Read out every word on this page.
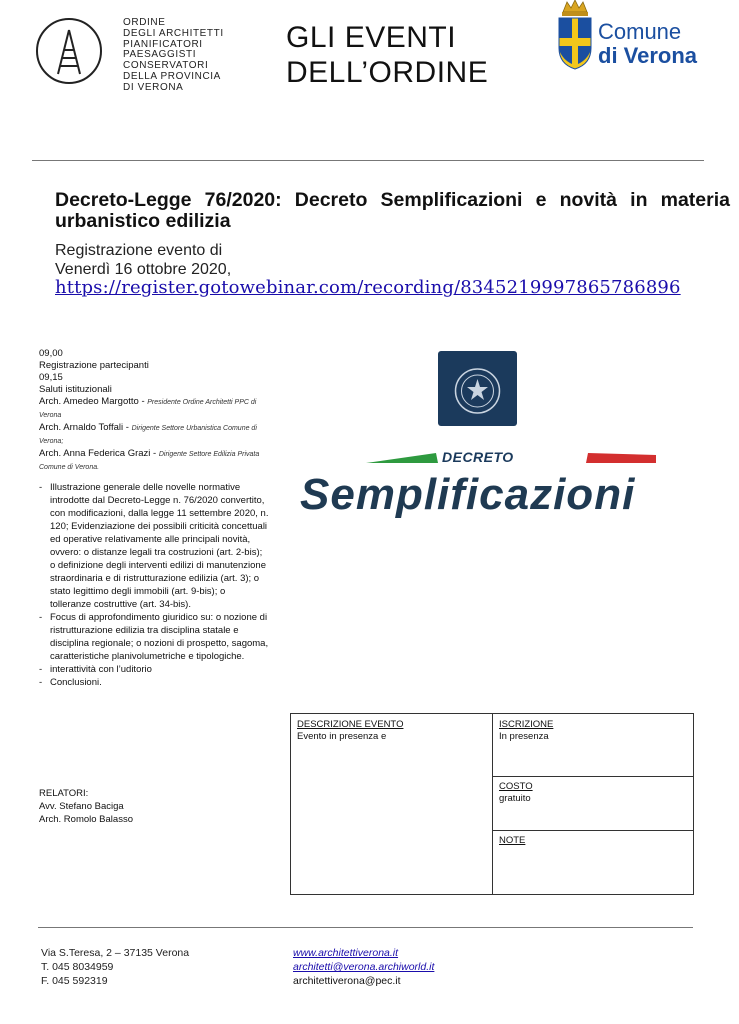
ORDINE
DEGLI ARCHITETTI
PIANIFICATORI
PAESAGGISTI
CONSERVATORI
DELLA PROVINCIA
DI VERONA
GLI EVENTI
DELL’ORDINE
Comune
di Verona
Decreto-Legge 76/2020: Decreto Semplificazioni e novità in materia urbanistico edilizia
Registrazione evento di
Venerdì 16 ottobre 2020,
https://register.gotowebinar.com/recording/8345219997865786896
09,00
Registrazione partecipanti
09,15
Saluti istituzionali
Arch. Amedeo Margotto - Presidente Ordine Architetti PPC di Verona
Arch. Arnaldo Toffali - Dirigente Settore Urbanistica Comune di Verona;
Arch. Anna Federica Grazi - Dirigente Settore Edilizia Privata Comune di Verona.
- Illustrazione generale delle novelle normative introdotte dal Decreto-Legge n. 76/2020 convertito, con modificazioni, dalla legge 11 settembre 2020, n. 120; Evidenziazione dei possibili criticità concettuali ed operative relativamente alle principali novità, ovvero: o distanze legali tra costruzioni (art. 2-bis); o definizione degli interventi edilizi di manutenzione straordinaria e di ristrutturazione edilizia (art. 3); o stato legittimo degli immobili (art. 9-bis); o tolleranze costruttive (art. 34-bis).
- Focus di approfondimento giuridico su: o nozione di ristrutturazione edilizia tra disciplina statale e disciplina regionale; o nozioni di prospetto, sagoma, caratteristiche planivolumetriche e tipologiche.
- interattività con l’uditorio
- Conclusioni.
RELATORI:
Avv. Stefano Baciga
Arch. Romolo Balasso
DECRETO
Semplificazioni
DESCRIZIONE EVENTO
Evento in presenza e
ISCRIZIONE
In presenza
COSTO
gratuito
NOTE
Via S.Teresa, 2 – 37135 Verona
T. 045 8034959
F. 045 592319
www.architettiverona.it
architetti@verona.archiworld.it
architettiverona@pec.it
